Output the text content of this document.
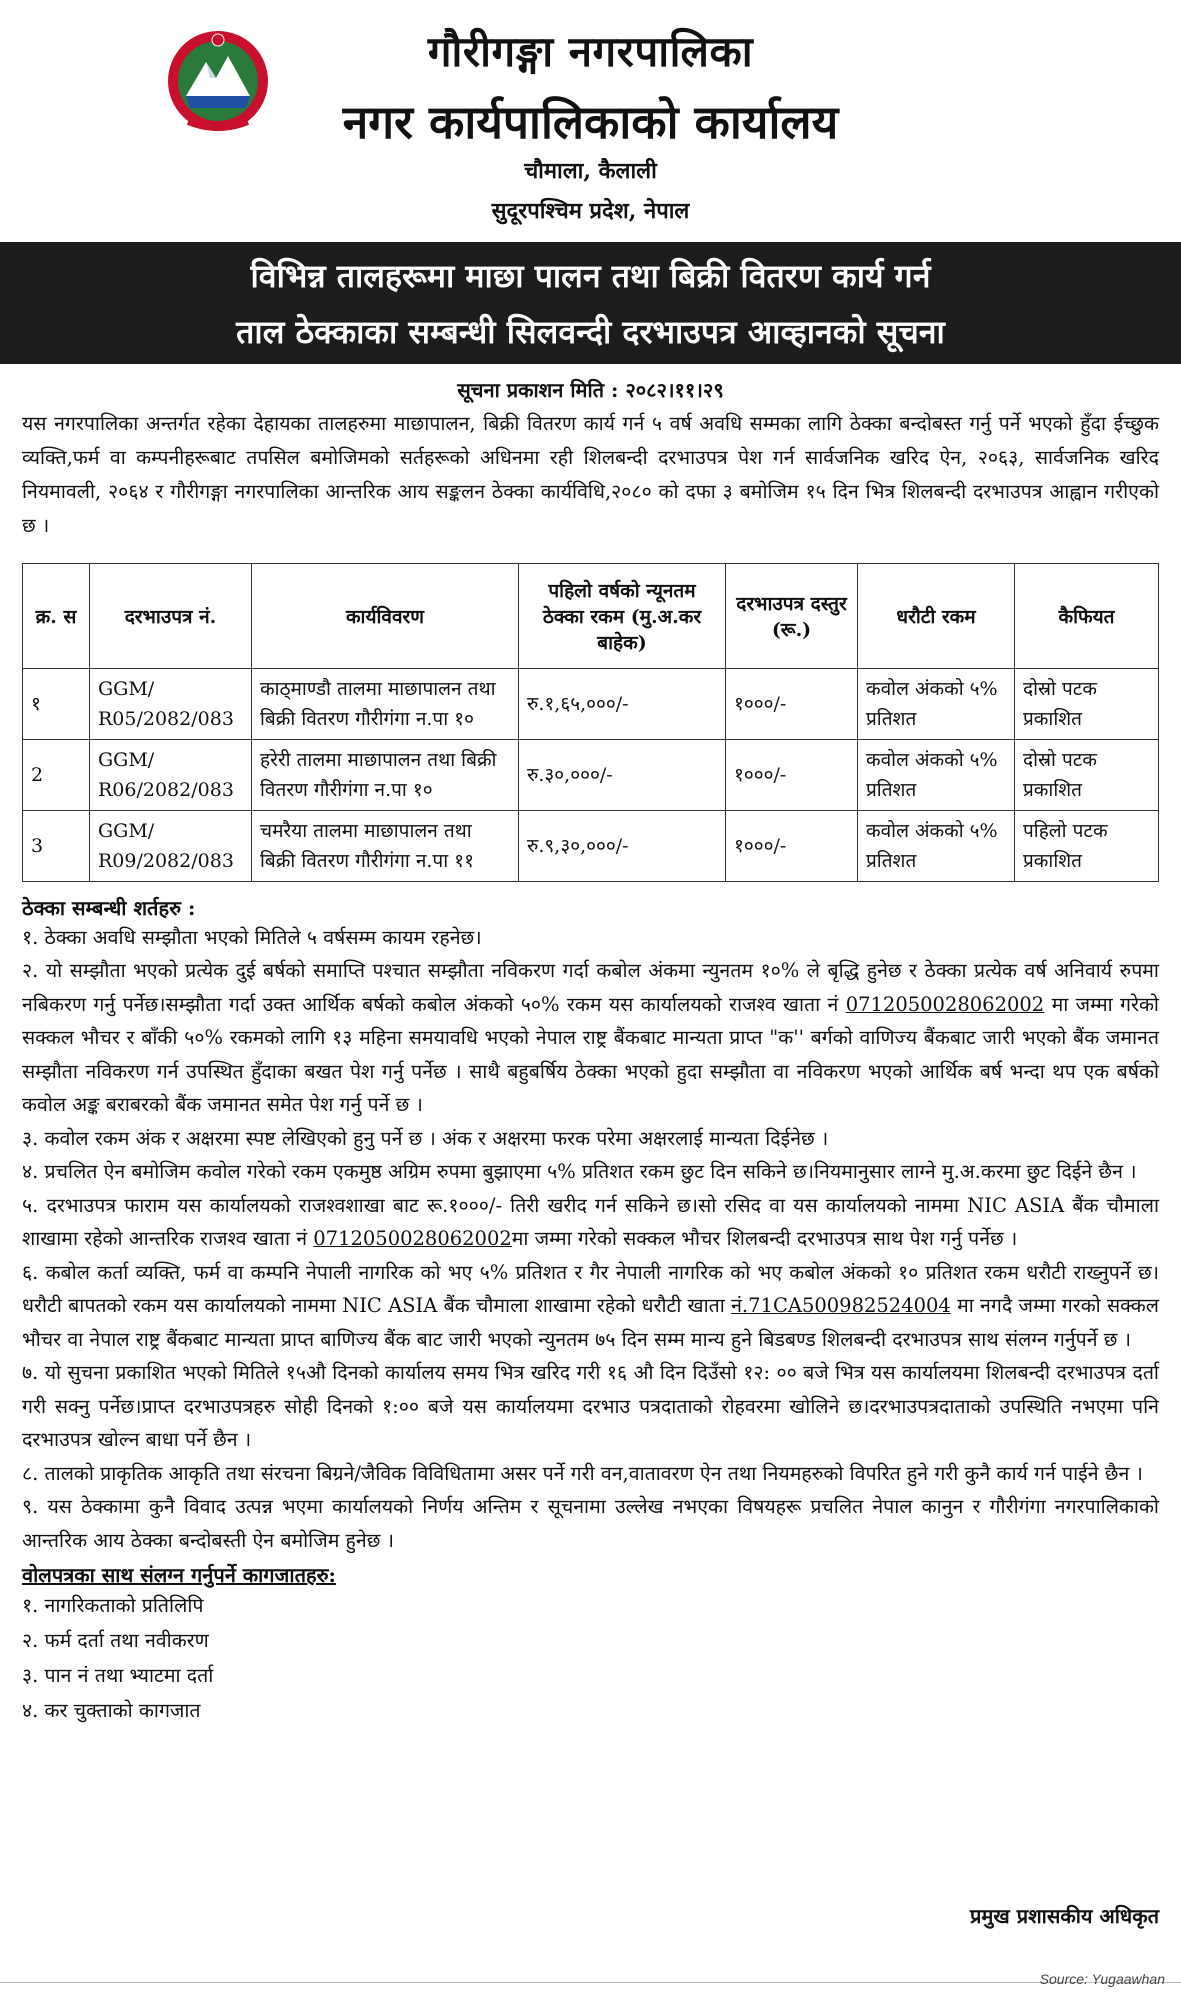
गौरीगङ्गा नगरपालिका
नगर कार्यपालिकाको कार्यालय
चौमाला, कैलाली
सुदूरपश्चिम प्रदेश, नेपाल
विभिन्न तालहरूमा माछा पालन तथा बिक्री वितरण कार्य गर्न
ताल ठेक्काका सम्बन्धी सिलवन्दी दरभाउपत्र आव्हानको सूचना
सूचना प्रकाशन मिति : २०८२।११।२९

यस नगरपालिका अन्तर्गत रहेका देहायका तालहरुमा माछापालन, बिक्री वितरण कार्य गर्न ५ वर्ष अवधि सम्मका लागि ठेक्का बन्दोबस्त गर्नु पर्ने भएको हुँदा ईच्छुक व्यक्ति,फर्म वा कम्पनीहरूबाट तपसिल बमोजिमको सर्तहरूको अधिनमा रही शिलबन्दी दरभाउपत्र पेश गर्न सार्वजनिक खरिद ऐन, २०६३, सार्वजनिक खरिद नियमावली, २०६४ र गौरीगङ्गा नगरपालिका आन्तरिक आय सङ्कलन ठेक्का कार्यविधि,२०८० को दफा ३ बमोजिम १५ दिन भित्र शिलबन्दी दरभाउपत्र आह्वान गरीएको छ ।

क्र. स	दरभाउपत्र नं.	कार्यविवरण	पहिलो वर्षको न्यूनतम ठेक्का रकम (मु.अ.कर बाहेक)	दरभाउपत्र दस्तुर (रू.)	धरौटी रकम	कैफियत
१	GGM/ R05/2082/083	काठ्माण्डौ तालमा माछापालन तथा बिक्री वितरण गौरीगंगा न.पा १०	रु.१,६५,०००/-	१०००/-	कवोल अंकको ५% प्रतिशत	दोस्रो पटक प्रकाशित
2	GGM/ R06/2082/083	हरेरी तालमा माछापालन तथा बिक्री वितरण गौरीगंगा न.पा १०	रु.३०,०००/-	१०००/-	कवोल अंकको ५% प्रतिशत	दोस्रो पटक प्रकाशित
3	GGM/ R09/2082/083	चमरैया तालमा माछापालन तथा बिक्री वितरण गौरीगंगा न.पा ११	रु.९,३०,०००/-	१०००/-	कवोल अंकको ५% प्रतिशत	पहिलो पटक प्रकाशित
ठेक्का सम्बन्धी शर्तहरु :

१. ठेक्का अवधि सम्झौता भएको मितिले ५ वर्षसम्म कायम रहनेछ।

२. यो सम्झौता भएको प्रत्येक दुई बर्षको समाप्ति पश्चात सम्झौता नविकरण गर्दा कबोल अंकमा न्युनतम १०% ले बृद्धि हुनेछ र ठेक्का प्रत्येक वर्ष अनिवार्य रुपमा नबिकरण गर्नु पर्नेछ।सम्झौता गर्दा उक्त आर्थिक बर्षको कबोल अंकको ५०% रकम यस कार्यालयको राजश्व खाता नं 0712050028062002 मा जम्मा गरेको सक्कल भौचर र बाँकी ५०% रकमको लागि १३ महिना समयावधि भएको नेपाल राष्ट्र बैंकबाट मान्यता प्राप्त "क'' बर्गको वाणिज्य बैंकबाट जारी भएको बैंक जमानत सम्झौता नविकरण गर्न उपस्थित हुँदाका बखत पेश गर्नु पर्नेछ । साथै बहुबर्षिय ठेक्का भएको हुदा सम्झौता वा नविकरण भएको आर्थिक बर्ष भन्दा थप एक बर्षको कवोल अङ्क बराबरको बैंक जमानत समेत पेश गर्नु पर्ने छ ।

३. कवोल रकम अंक र अक्षरमा स्पष्ट लेखिएको हुनु पर्ने छ । अंक र अक्षरमा फरक परेमा अक्षरलाई मान्यता दिईनेछ ।

४. प्रचलित ऐन बमोजिम कवोल गरेको रकम एकमुष्ठ अग्रिम रुपमा बुझाएमा ५% प्रतिशत रकम छुट दिन सकिने छ।नियमानुसार लाग्ने मु.अ.करमा छुट दिईने छैन ।

५. दरभाउपत्र फाराम यस कार्यालयको राजश्वशाखा बाट रू.१०००/- तिरी खरीद गर्न सकिने छ।सो रसिद वा यस कार्यालयको नाममा NIC ASIA बैंक चौमाला शाखामा रहेको आन्तरिक राजश्व खाता नं 0712050028062002मा जम्मा गरेको सक्कल भौचर शिलबन्दी दरभाउपत्र साथ पेश गर्नु पर्नेछ ।

६. कबोल कर्ता व्यक्ति, फर्म वा कम्पनि नेपाली नागरिक को भए ५% प्रतिशत र गैर नेपाली नागरिक को भए कबोल अंकको १० प्रतिशत रकम धरौटी राख्नुपर्ने छ।धरौटी बापतको रकम यस कार्यालयको नाममा NIC ASIA बैंक चौमाला शाखामा रहेको धरौटी खाता नं.71CA500982524004 मा नगदै जम्मा गरको सक्कल भौचर वा नेपाल राष्ट्र बैंकबाट मान्यता प्राप्त बाणिज्य बैंक बाट जारी भएको न्युनतम ७५ दिन सम्म मान्य हुने बिडबण्ड शिलबन्दी दरभाउपत्र साथ संलग्न गर्नुपर्ने छ ।

७. यो सुचना प्रकाशित भएको मितिले १५औ दिनको कार्यालय समय भित्र खरिद गरी १६ औ दिन दिउँसो १२: ०० बजे भित्र यस कार्यालयमा शिलबन्दी दरभाउपत्र दर्ता गरी सक्नु पर्नेछ।प्राप्त दरभाउपत्रहरु सोही दिनको १:०० बजे यस कार्यालयमा दरभाउ पत्रदाताको रोहवरमा खोलिने छ।दरभाउपत्रदाताको उपस्थिति नभएमा पनि दरभाउपत्र खोल्न बाधा पर्ने छैन ।

८. तालको प्राकृतिक आकृति तथा संरचना बिग्रने/जैविक विविधितामा असर पर्ने गरी वन,वातावरण ऐन तथा नियमहरुको विपरित हुने गरी कुनै कार्य गर्न पाईने छैन ।

९. यस ठेक्कामा कुनै विवाद उत्पन्न भएमा कार्यालयको निर्णय अन्तिम र सूचनामा उल्लेख नभएका विषयहरू प्रचलित नेपाल कानुन र गौरीगंगा नगरपालिकाको आन्तरिक आय ठेक्का बन्दोबस्ती ऐन बमोजिम हुनेछ ।

वोलपत्रका साथ संलग्न गर्नुपर्ने कागजातहरु:
१. नागरिकताको प्रतिलिपि
२. फर्म दर्ता तथा नवीकरण
३. पान नं तथा भ्याटमा दर्ता
४. कर चुक्ताको कागजात
प्रमुख प्रशासकीय अधिकृत
Source: Yugaawhan
